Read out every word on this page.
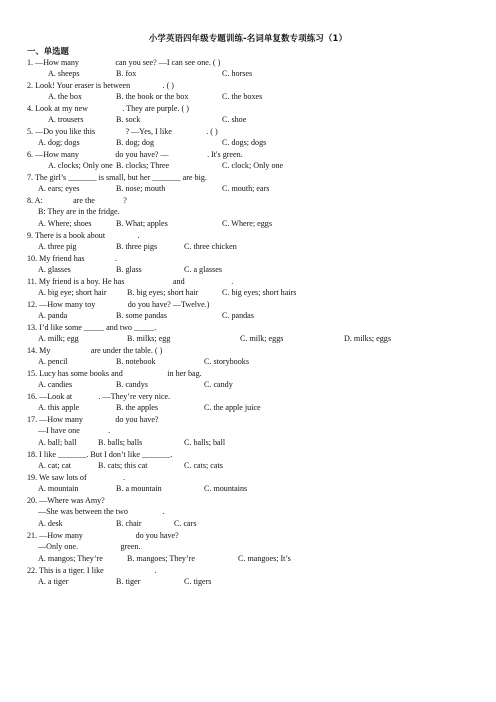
小学英语四年级专题训练-名词单复数专项练习（1）
一、单选题
1. —How many                  can you see? —I can see one. ( )
A. sheeps	B. fox	C. horses
2. Look! Your eraser is between                . ( )
A. the box	B. the book or the box	C. the boxes
4. Look at my new                 . They are purple. ( )
A. trousers	B. sock	C. shoe
5. —Do you like this               ? —Yes, I like                 . ( )
A. dog; dogs	B. dog; dog	C. dogs; dogs
6. —How many                  do you have? —                   . It's green.
A. clocks; Only one B. clocks; Three	C. clock; Only one
7. The girl’s _______ is small, but her _______ are big.
A. ears; eyes	B. nose; mouth	C. mouth; ears
8. A:               are the              ?
B: They are in the fridge.
A. Where; shoes	B. What; apples	C. Where; eggs
9. There is a book about                .
A. three pig	B. three pigs	C. three chicken
10. My friend has               .
A. glasses	B. glass	C. a glasses
11. My friend is a boy. He has                        and                       .
A. big eye; short hair	B. big eyes; short hair	C. big eyes; short hairs
12. —How many toy                do you have? —Twelve.)
A. panda	B. some pandas	C. pandas
13. I’d like some _____ and two _____.
A. milk; egg	B. milks; egg	C. milk; eggs	D. milks; eggs
14. My                    are under the table. ( )
A. pencil	B. notebook	C. storybooks
15. Lucy has some books and                      in her bag.
A. candies	B. candys	C. candy
16. —Look at             . —They’re very nice.
A. this apple	B. the apples	C. the apple juice
17. —How many                do you have?
—I have one              .
A. ball; ball	B. balls; balls	C. balls; ball
18. I like _______. But I don’t like _______.
A. cat; cat	B. cats; this cat	C. cats; cats
19. We saw lots of                  .
A. mountain	B. a mountain	C. mountains
20. —Where was Amy?
—She was between the two                 .
A. desk	B. chair	C. cars
21. —How many                          do you have?
—Only one.                     green.
A. mangos; They’re	B. mangoes; They’re	C. mangoes; It’s
22. This is a tiger. I like                         .
A. a tiger	B. tiger	C. tigers
